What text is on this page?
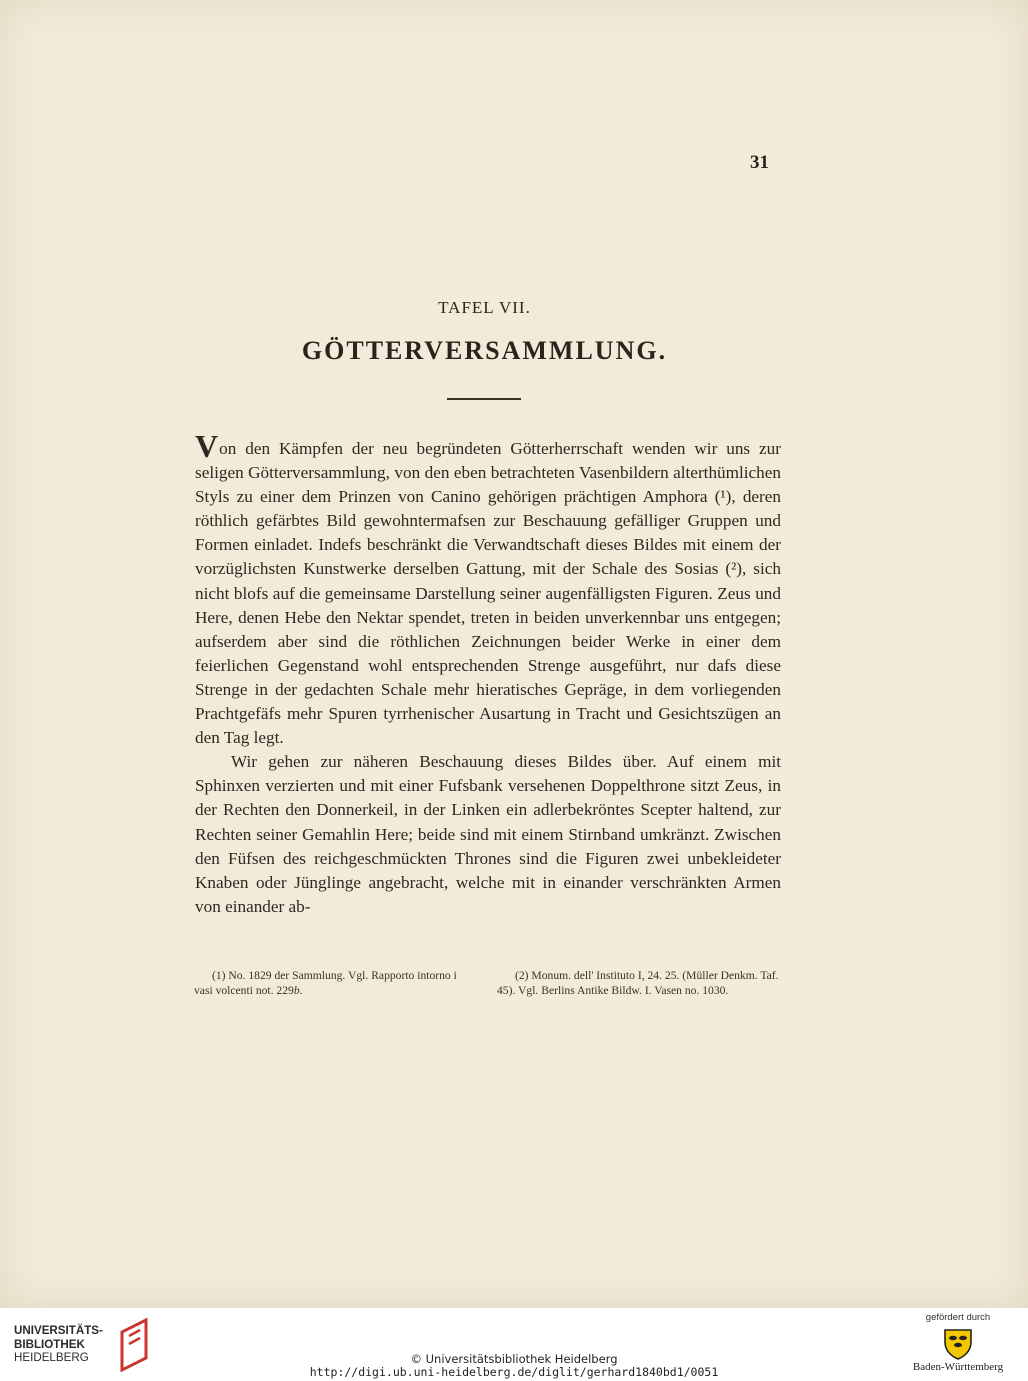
31
TAFEL VII.
GÖTTERVERSAMMLUNG.

Von den Kämpfen der neu begründeten Götterherrschaft wenden wir uns zur seligen Götterversammlung, von den eben betrachteten Vasenbildern alterthümlichen Styls zu einer dem Prinzen von Canino gehörigen prächtigen Amphora (¹), deren röthlich gefärbtes Bild gewohntermafsen zur Beschauung gefälliger Gruppen und Formen einladet. Indefs beschränkt die Verwandtschaft dieses Bildes mit einem der vorzüglichsten Kunstwerke derselben Gattung, mit der Schale des Sosias (²), sich nicht blofs auf die gemeinsame Darstellung seiner augenfälligsten Figuren. Zeus und Here, denen Hebe den Nektar spendet, treten in beiden unverkennbar uns entgegen; aufserdem aber sind die röthlichen Zeichnungen beider Werke in einer dem feierlichen Gegenstand wohl entsprechenden Strenge ausgeführt, nur dafs diese Strenge in der gedachten Schale mehr hieratisches Gepräge, in dem vorliegenden Prachtgefäfs mehr Spuren tyrrhenischer Ausartung in Tracht und Gesichtszügen an den Tag legt.

Wir gehen zur näheren Beschauung dieses Bildes über. Auf einem mit Sphinxen verzierten und mit einer Fufsbank versehenen Doppelthrone sitzt Zeus, in der Rechten den Donnerkeil, in der Linken ein adlerbekröntes Scepter haltend, zur Rechten seiner Gemahlin Here; beide sind mit einem Stirnband umkränzt. Zwischen den Füfsen des reichgeschmückten Thrones sind die Figuren zwei unbekleideter Knaben oder Jünglinge angebracht, welche mit in einander verschränkten Armen von einander ab-

(1) No. 1829 der Sammlung. Vgl. Rapporto intorno i vasi volcenti not. 229b.
(2) Monum. dell' Instituto I, 24. 25. (Müller Denkm. Taf. 45). Vgl. Berlins Antike Bildw. I. Vasen no. 1030.
UNIVERSITÄTS-
BIBLIOTHEK
HEIDELBERG	© Universitätsbibliothek Heidelberg
http://digi.ub.uni-heidelberg.de/diglit/gerhard1840bd1/0051
gefördert durch
Baden-Württemberg
